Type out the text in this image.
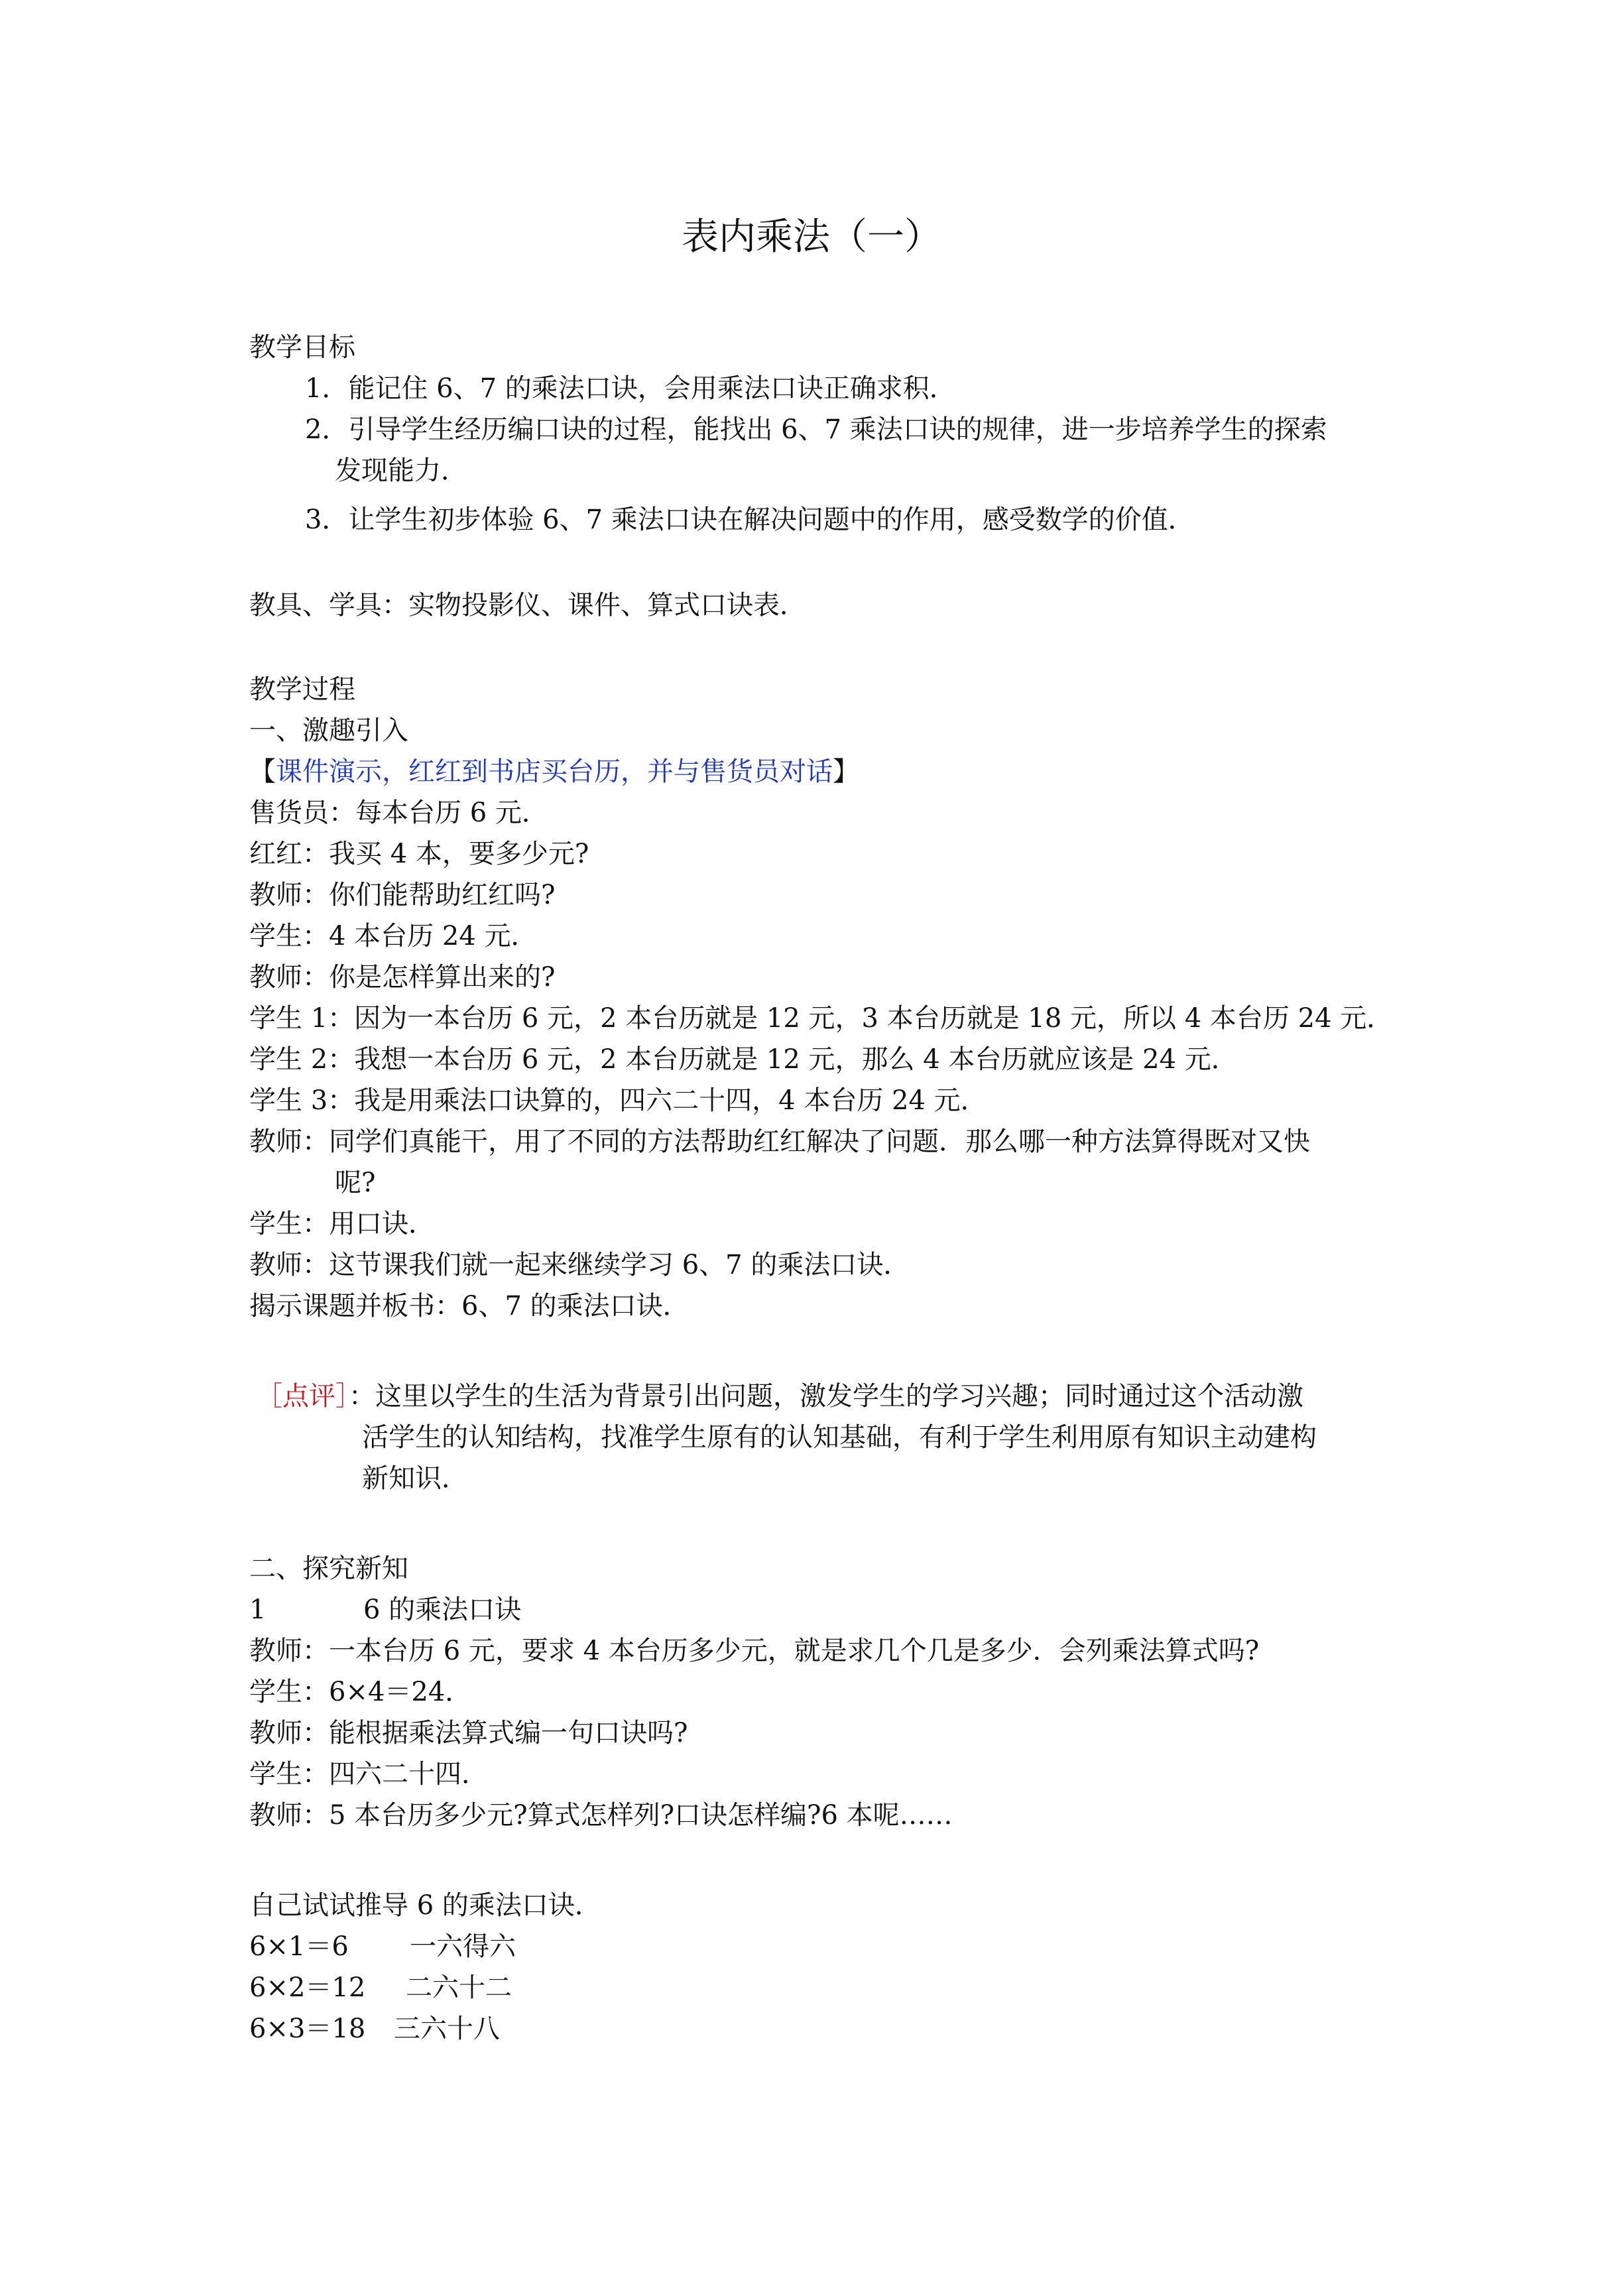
表内乘法（一）
教学目标
1．能记住 6、7 的乘法口诀，会用乘法口诀正确求积．
2．引导学生经历编口诀的过程，能找出 6、7 乘法口诀的规律，进一步培养学生的探索
发现能力．
3．让学生初步体验 6、7 乘法口诀在解决问题中的作用，感受数学的价值．
教具、学具：实物投影仪、课件、算式口诀表．
教学过程
一、激趣引入
【课件演示，红红到书店买台历，并与售货员对话】
售货员：每本台历 6 元．
红红：我买 4 本，要多少元?
教师：你们能帮助红红吗?
学生：4 本台历 24 元．
教师：你是怎样算出来的?
学生 1：因为一本台历 6 元，2 本台历就是 12 元，3 本台历就是 18 元，所以 4 本台历 24 元．
学生 2：我想一本台历 6 元，2 本台历就是 12 元，那么 4 本台历就应该是 24 元．
学生 3：我是用乘法口诀算的，四六二十四，4 本台历 24 元．
教师：同学们真能干，用了不同的方法帮助红红解决了问题．那么哪一种方法算得既对又快
呢?
学生：用口诀．
教师：这节课我们就一起来继续学习 6、7 的乘法口诀．
揭示课题并板书：6、7 的乘法口诀．
［点评］：这里以学生的生活为背景引出问题，激发学生的学习兴趣；同时通过这个活动激
活学生的认知结构，找准学生原有的认知基础，有利于学生利用原有知识主动建构
新知识．
二、探究新知
1	6 的乘法口诀
教师：一本台历 6 元，要求 4 本台历多少元，就是求几个几是多少．会列乘法算式吗?
学生：6×4＝24．
教师：能根据乘法算式编一句口诀吗?
学生：四六二十四．
教师：5 本台历多少元?算式怎样列?口诀怎样编?6 本呢……
自己试试推导 6 的乘法口诀．
6×1＝6 一六得六
6×2＝12 二六十二
6×3＝18 三六十八
